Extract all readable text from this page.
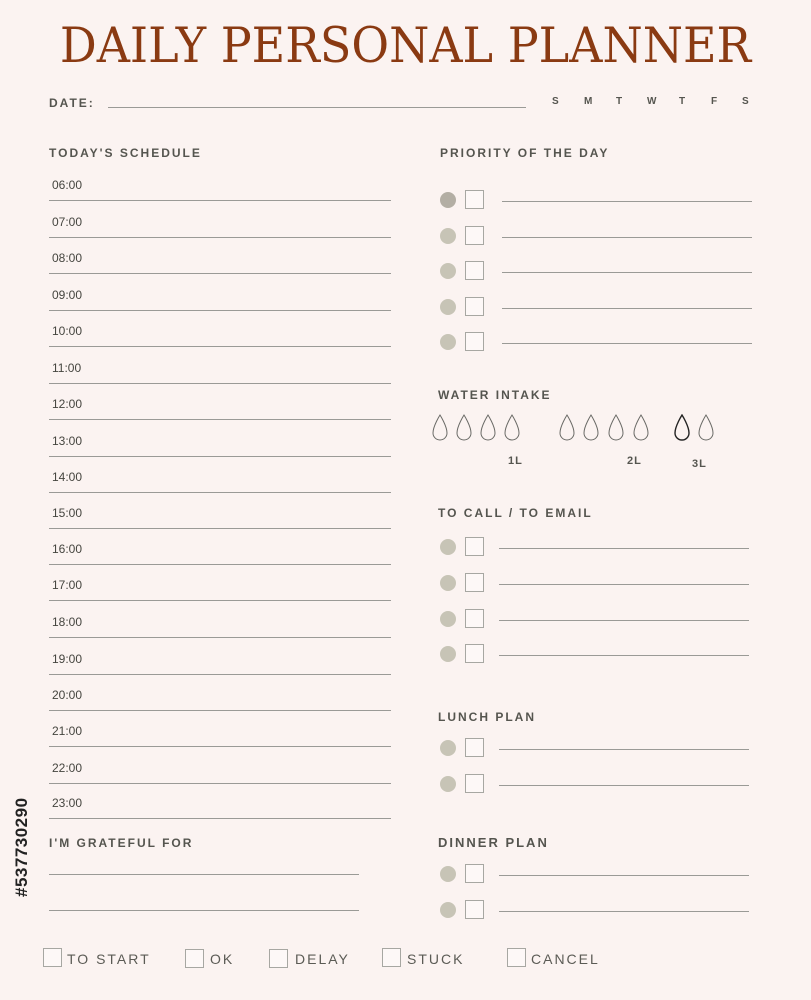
DAILY PERSONAL PLANNER
DATE:	S	M T W T	F S
TODAY'S SCHEDULE	PRIORITY OF THE DAY
WATER INTAKE
1L	2L	3L
TO CALL / TO EMAIL
LUNCH PLAN
DINNER PLAN
I'M GRATEFUL FOR
TO START	OK	DELAY	STUCK	CANCEL
#537730290
06:00
07:00
08:00
09:00
10:00
11:00
12:00
13:00
14:00
15:00
16:00
17:00
18:00
19:00
20:00
21:00
22:00
23:00
